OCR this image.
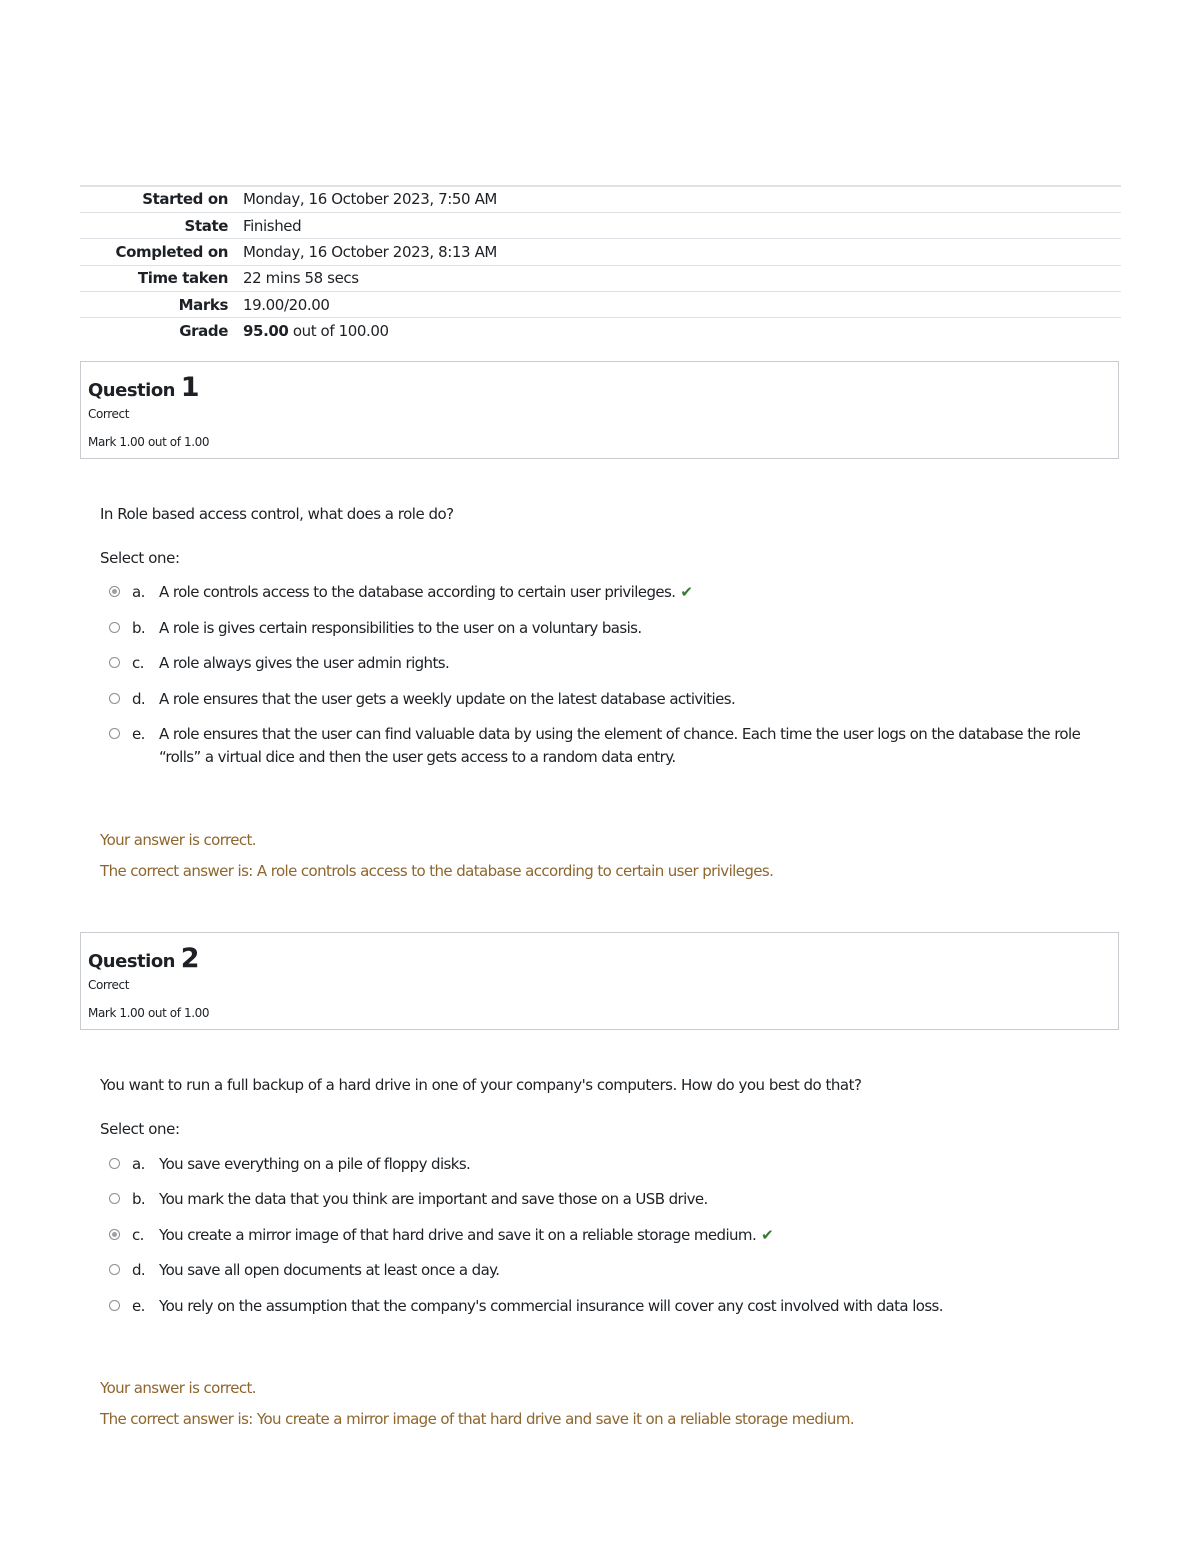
Started on	Monday, 16 October 2023, 7:50 AM
State	Finished
Completed on	Monday, 16 October 2023, 8:13 AM
Time taken	22 mins 58 secs
Marks	19.00/20.00
Grade	95.00 out of 100.00
Question 1
Correct
Mark 1.00 out of 1.00
In Role based access control, what does a role do?
Select one:
a. A role controls access to the database according to certain user privileges. ✔
b. A role is gives certain responsibilities to the user on a voluntary basis.
c. A role always gives the user admin rights.
d. A role ensures that the user gets a weekly update on the latest database activities.
e. A role ensures that the user can find valuable data by using the element of chance. Each time the user logs on the database the role “rolls” a virtual dice and then the user gets access to a random data entry.
Your answer is correct.
The correct answer is: A role controls access to the database according to certain user privileges.
Question 2
Correct
Mark 1.00 out of 1.00
You want to run a full backup of a hard drive in one of your company's computers. How do you best do that?
Select one:
a. You save everything on a pile of floppy disks.
b. You mark the data that you think are important and save those on a USB drive.
c. You create a mirror image of that hard drive and save it on a reliable storage medium. ✔
d. You save all open documents at least once a day.
e. You rely on the assumption that the company's commercial insurance will cover any cost involved with data loss.
Your answer is correct.
The correct answer is: You create a mirror image of that hard drive and save it on a reliable storage medium.
